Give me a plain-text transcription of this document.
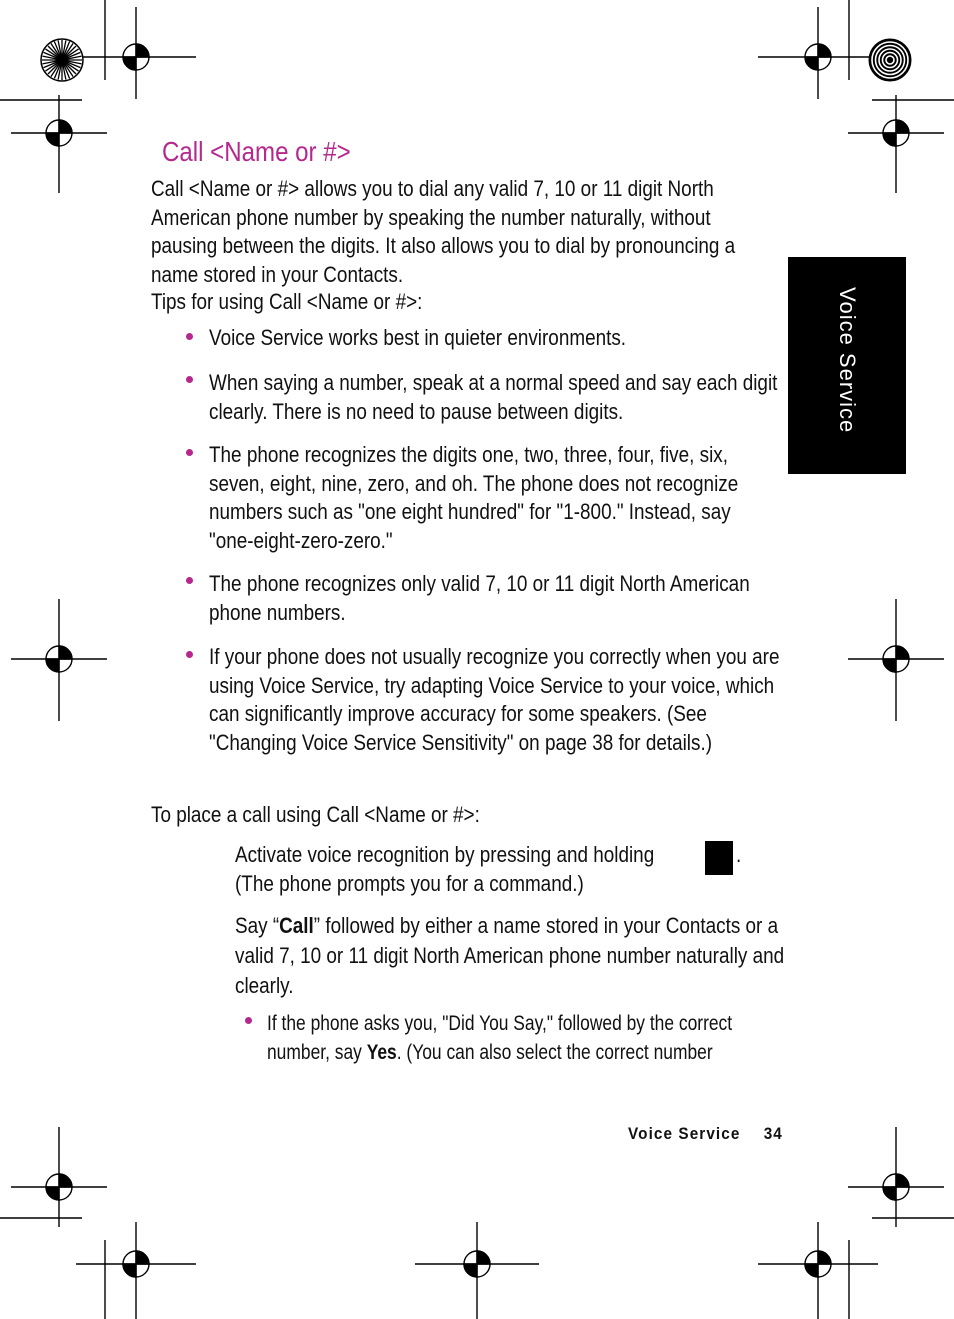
Voice Service
Call <Name or #>
Call <Name or #> allows you to dial any valid 7, 10 or 11 digit North American phone number by speaking the number naturally, without pausing between the digits. It also allows you to dial by pronouncing a name stored in your Contacts.
Tips for using Call <Name or #>:
Voice Service works best in quieter environments.
When saying a number, speak at a normal speed and say each digit clearly. There is no need to pause between digits.
The phone recognizes the digits one, two, three, four, five, six, seven, eight, nine, zero, and oh. The phone does not recognize numbers such as "one eight hundred" for "1-800." Instead, say "one-eight-zero-zero."
The phone recognizes only valid 7, 10 or 11 digit North American phone numbers.
If your phone does not usually recognize you correctly when you are using Voice Service, try adapting Voice Service to your voice, which can significantly improve accuracy for some speakers. (See "Changing Voice Service Sensitivity" on page 38 for details.)
To place a call using Call <Name or #>:
Activate voice recognition by pressing and holding	.
(The phone prompts you for a command.)
Say “Call” followed by either a name stored in your Contacts or a valid 7, 10 or 11 digit North American phone number naturally and clearly.
If the phone asks you, "Did You Say," followed by the correct number, say Yes. (You can also select the correct number
Voice Service 34
